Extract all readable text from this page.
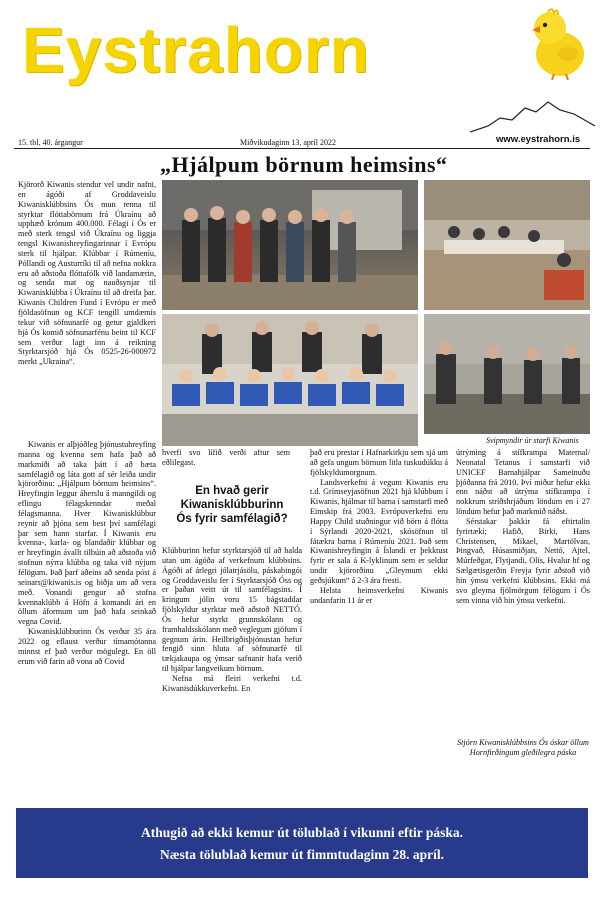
Eystrahorn
15. tbl. 40. árgangur	Miðvikudaginn 13. apríl 2022	www.eystrahorn.is
„Hjálpum börnum heimsins“

Kjörorð Kiwanis stendur vel undir nafni, en ágóði af Groddaveislu Kiwanisklúbbsins Ós mun renna til styrktar flóttabörnum frá Úkraínu að upphæð krónum 400.000. Félagi í Ós er með sterk tengsl við Úkraínu og liggja tengsl Kiwanishreyfingarinnar í Evrópu sterk til hjálpar. Klúbbar í Rúmeníu, Póllandi og Austurríki til að nefna nokkra eru að aðstoða flóttafólk við landamærin, og senda mat og nauðsynjar til Kiwanisklúbba í Úkraínu til að dreifa þar. Kiwanis Children Fund í Evrópu er með fjöldasöfnun og KCF tengill umdæmis tekur við söfnunarfé og getur gjaldkeri hjá Ós komið söfnunarfénu beint til KCF sem verður lagt inn á reikning Styrktarsjóð hjá Ós 0525-26-000972 merkt „Ukraina“.

Kiwanis er alþjóðleg þjónustuhreyfing manna og kvenna sem hafa það að markmiði að taka þátt í að bæta samfélagið og láta gott af sér leiða undir kjörorðinu: „Hjálpum börnum heimsins“. Hreyfingin leggur áherslu á manngildi og eflingu félagskenndar meðal félagsmanna. Hver Kiwanisklúbbur reynir að þjóna sem best því samfélagi þar sem hann starfar. Í Kiwanis eru kvenna-, karla- og blandaðir klúbbar og er hreyfingin ávallt tilbúin að aðstoða við stofnun nýrra klúbba og taka við nýjum félögum. Það þarf aðeins að senda póst á seinars@kiwanis.is og biðja um að vera með. Vonandi gengur að stofna kvennaklúbb á Höfn á komandi ári en öllum áformum um það hafa seinkað vegna Covid.

Kiwanisklúbburinn Ós verður 35 ára 2022 og eflaust verður tímamótanna minnst ef það verður mögulegt. En öll erum við farin að vona að Covid

Svipmyndir úr starfi Kiwanis

hverfi svo lífið verði aftur sem eðlilegast.

En hvað gerir
Kiwanisklúbburinn
Ós fyrir samfélagið?

Klúbburinn hefur styrktarsjóð til að halda utan um ágóða af verkefnum klúbbsins. Ágóði af árlegri jólatrjásölu, páskabingói og Groddaveislu fer í Styrktarsjóð Óss og er þaðan veitt út til samfélagsins. Í kringum jólin voru 15 bágstaddar fjölskyldur styrktar með aðstoð NETTÓ. Ós hefur styrkt grunnskólann og framhaldsskólann með veglegum gjöfum í gegnum árin. Heilbrigðisþjónustan hefur fengið sinn hluta af söfnunarfé til tækjakaupa og ýmsar safnanir hafa verið til hjálpar langveikum börnum.

Nefna má fleiri verkefni t.d. Kiwanisdúkkuverkefni. En

það eru prestar í Hafnarkirkju sem sjá um að gefa ungum börnum litla tuskudúkku á fjölskyldumorgnum.

Landsverkefni á vegum Kiwanis eru t.d. Grímseyjasöfnun 2021 hjá klúbbum í Kiwanis, hjálmar til barna í samstarfi með Eimskip frá 2003. Evrópuverkefni eru Happy Child stuðningur við börn á flótta í Sýrlandi 2020-2021, skósöfnun til fátækra barna í Rúmeníu 2021. Það sem Kiwanishreyfingin á Íslandi er þekktust fyrir er sala á K-lyklinum sem er seldur undir kjörorðinu „Gleymum ekki geðsjúkum“ á 2-3 ára fresti.

Helsta heimsverkefni Kiwanis undanfarin 11 ár er

útrýming á stífkrampa Maternal/ Neonatal Tetanus í samstarfi við UNICEF Barnahjálpar Sameinuðu þjóðanna frá 2010. Því miður hefur ekki enn náðst að útrýma stífkrampa í nokkrum stríðshrjáðum löndum en í 27 löndum hefur það markmið náðst.

Sérstakar þakkir fá eftirtalin fyrirtæki; Hafið, Birki, Hans Christensen, Mikael, Martölvan, Þingvað, Húsasmiðjan, Nettó, Ajtel, Múrfeðgar, Flytjandi, Olís, Hvalur hf og Sælgætisgerðin Freyja fyrir aðstoð við hin ýmsu verkefni klúbbsins. Ekki má svo gleyma fjölmörgum félögum í Ós sem vinna við hin ýmsu verkefni.

Stjórn Kiwanisklúbbsins Ós óskar öllum Hornfirðingum gleðilegra páska
Athugið að ekki kemur út tölublað í vikunni eftir páska.
Næsta tölublað kemur út fimmtudaginn 28. apríl.
